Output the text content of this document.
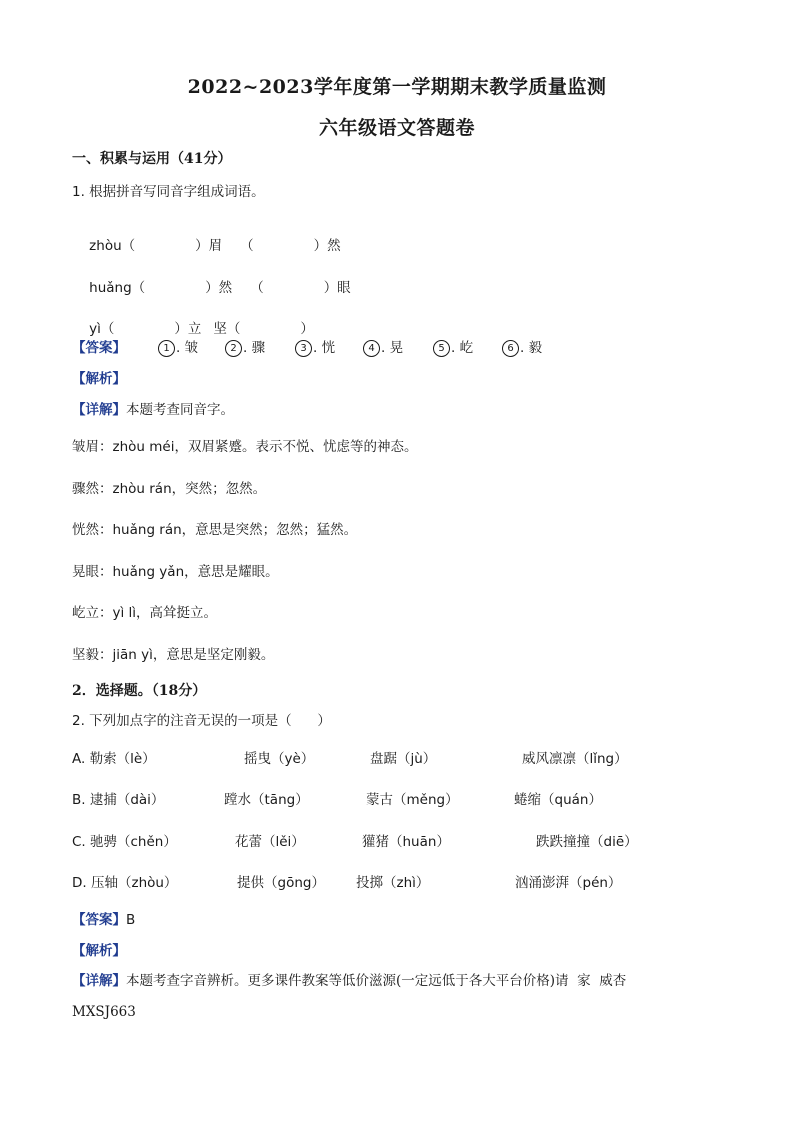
2022~2023学年度第一学期期末教学质量监测
六年级语文答题卷
一、积累与运用（41分）
1. 根据拼音写同音字组成词语。

zhòu（	）眉 （	）然

huǎng（	）然 （	）眼

yì（	）立 坚（	）

【答案】	1 . 皱	2 . 骤	3 . 恍	4 . 晃	5 . 屹	6 . 毅
【解析】
【详解】本题考查同音字。
皱眉：zhòu méi，双眉紧蹙。表示不悦、忧虑等的神态。
骤然：zhòu rán，突然；忽然。
恍然：huǎng rán，意思是突然；忽然；猛然。
晃眼：huǎng yǎn，意思是耀眼。
屹立：yì lì，高耸挺立。
坚毅：jiān yì，意思是坚定刚毅。
2．选择题。（18分）
2. 下列加点字的注音无误的一项是（      ）
A. 勒索（lè）	摇曳（yè）	盘踞（jù）	威风凛凛（lǐng）
B. 逮捕（dài）	蹚水（tāng）	蒙古（měng）	蜷缩（quán）
C. 驰骋（chěn）	花蕾（lěi）	獾猪（huān）	跌跌撞撞（diē）
D. 压轴（zhòu）	提供（gōng） 投掷（zhì）	汹涌澎湃（pén）
【答案】B
【解析】
【详解】本题考查字音辨析。更多课件教案等低价滋源(一定远低于各大平台价格)请  家  威杏
MXSJ663
